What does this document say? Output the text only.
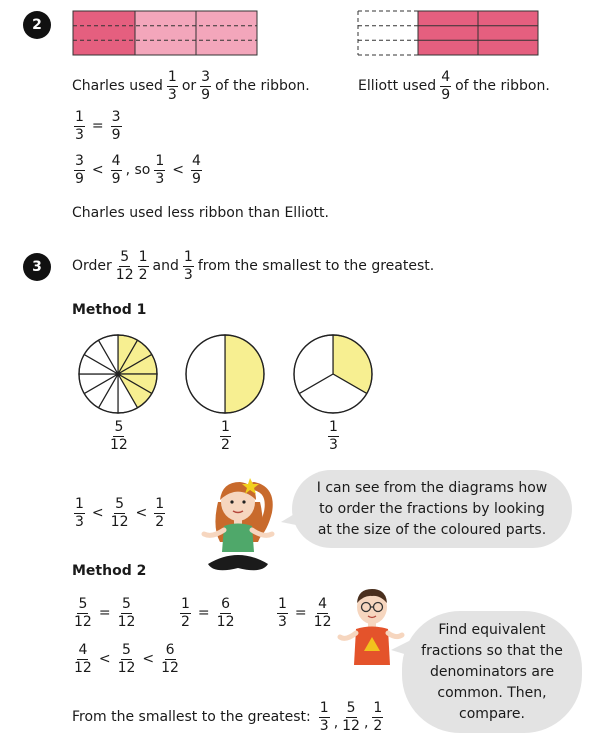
2
Charles used $\frac{1}{3}$ or $\frac{3}{9}$ of the ribbon.	Elliott used $\frac{4}{9}$ of the ribbon.
$\frac{1}{3} = \frac{3}{9}$
$\frac{3}{9} < \frac{4}{9}$ , so $\frac{1}{3} < \frac{4}{9}$
Charles used less ribbon than Elliott.
3	Order $\frac{5}{12} \frac{1}{2}$ and $\frac{1}{3}$ from the smallest to the greatest.
Method 1
$\frac{5}{12}$	$\frac{1}{2}$	$\frac{1}{3}$
$\frac{1}{3} < \frac{5}{12} < \frac{1}{2}$
I can see from the diagrams how to order the fractions by looking at the size of the coloured parts.
Method 2
$\frac{5}{12} = \frac{5}{12}$	$\frac{1}{2} = \frac{6}{12}$	$\frac{1}{3} = \frac{4}{12}$
$\frac{4}{12} < \frac{5}{12} < \frac{6}{12}$
Find equivalent fractions so that the denominators are common. Then, compare.
From the smallest to the greatest: $\frac{1}{3}$ , $\frac{5}{12}$ , $\frac{1}{2}$
